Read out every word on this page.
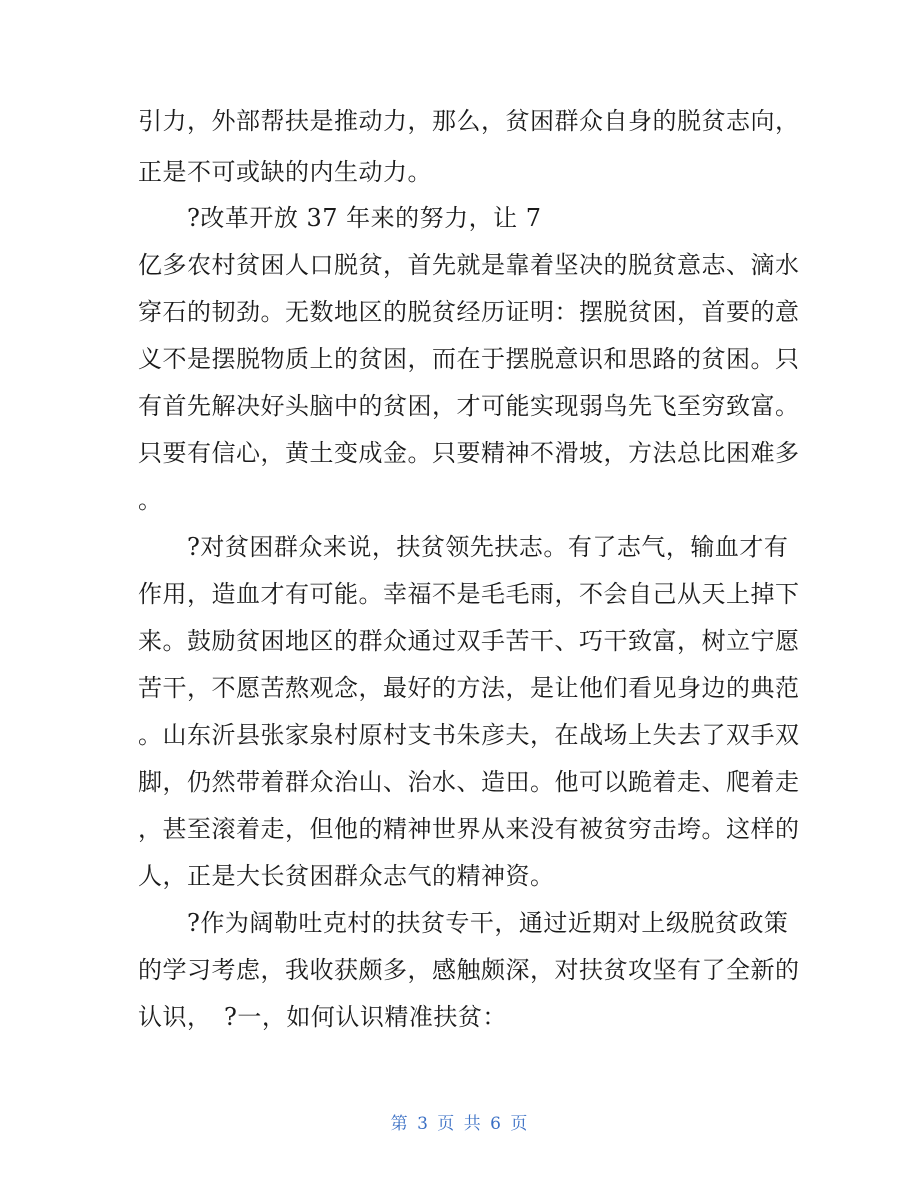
引力，外部帮扶是推动力，那么，贫困群众自身的脱贫志向，
正是不可或缺的内生动力。
　　?改革开放 37 年来的努力，让 7
亿多农村贫困人口脱贫，首先就是靠着坚决的脱贫意志、滴水
穿石的韧劲。无数地区的脱贫经历证明：摆脱贫困，首要的意
义不是摆脱物质上的贫困，而在于摆脱意识和思路的贫困。只
有首先解决好头脑中的贫困，才可能实现弱鸟先飞至穷致富。
只要有信心，黄土变成金。只要精神不滑坡，方法总比困难多
。
　　?对贫困群众来说，扶贫领先扶志。有了志气，输血才有
作用，造血才有可能。幸福不是毛毛雨，不会自己从天上掉下
来。鼓励贫困地区的群众通过双手苦干、巧干致富，树立宁愿
苦干，不愿苦熬观念，最好的方法，是让他们看见身边的典范
。山东沂县张家泉村原村支书朱彦夫，在战场上失去了双手双
脚，仍然带着群众治山、治水、造田。他可以跪着走、爬着走
，甚至滚着走，但他的精神世界从来没有被贫穷击垮。这样的
人，正是大长贫困群众志气的精神资。
　　?作为阔勒吐克村的扶贫专干，通过近期对上级脱贫政策
的学习考虑，我收获颇多，感触颇深，对扶贫攻坚有了全新的
认识，　?一，如何认识精准扶贫：
第 3 页 共 6 页
